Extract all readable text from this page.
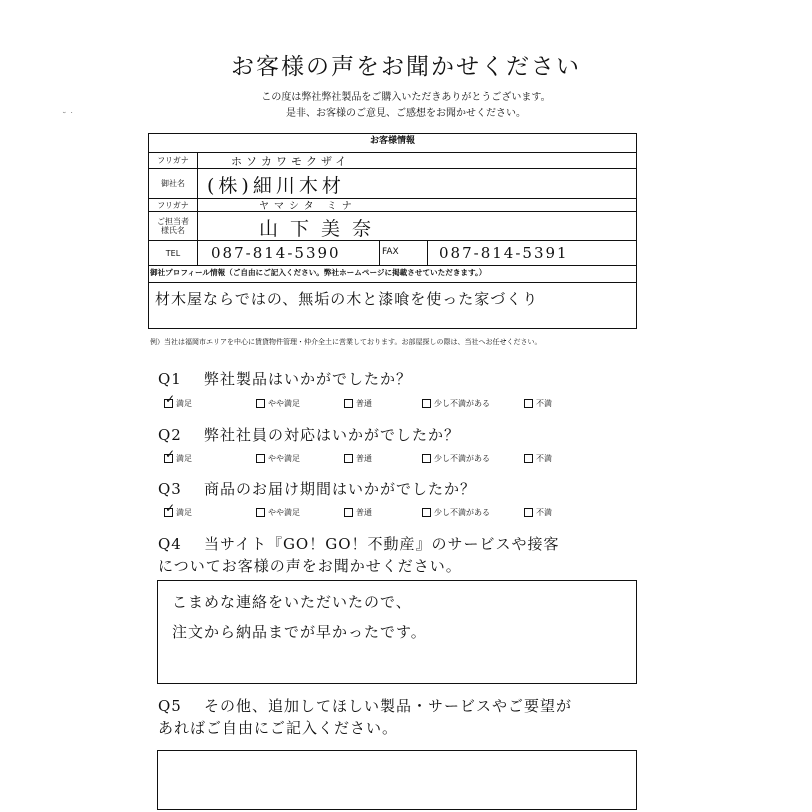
お客様の声をお聞かせください
この度は弊社弊社製品をご購入いただきありがとうございます。
是非、お客様のご意見、ご感想をお聞かせください。
˘ ˙
お客様情報
フリガナ	ホソカワモクザイ
御社名	(株)細川木材
フリガナ	ヤマシタ ミナ
ご担当者
様氏名	山下美奈
TEL	087-814-5390	FAX	087-814-5391
御社プロフィール情報（ご自由にご記入ください。弊社ホームページに掲載させていただきます。）
材木屋ならではの、無垢の木と漆喰を使った家づくり
例）当社は福岡市エリアを中心に賃貸物件管理・仲介全土に営業しております。お部屋探しの際は、当社へお任せください。
Q1 弊社製品はいかがでしたか？
✓ 満足	やや満足	普通	少し不満がある	不満
Q2 弊社社員の対応はいかがでしたか？
✓ 満足	やや満足	普通	少し不満がある	不満
Q3 商品のお届け期間はいかがでしたか？
✓ 満足	やや満足	普通	少し不満がある	不満
Q4 当サイト『GO！GO！不動産』のサービスや接客
についてお客様の声をお聞かせください。
こまめな連絡をいただいたので、
注文から納品までが早かったです。
Q5 その他、追加してほしい製品・サービスやご要望が
あればご自由にご記入ください。
